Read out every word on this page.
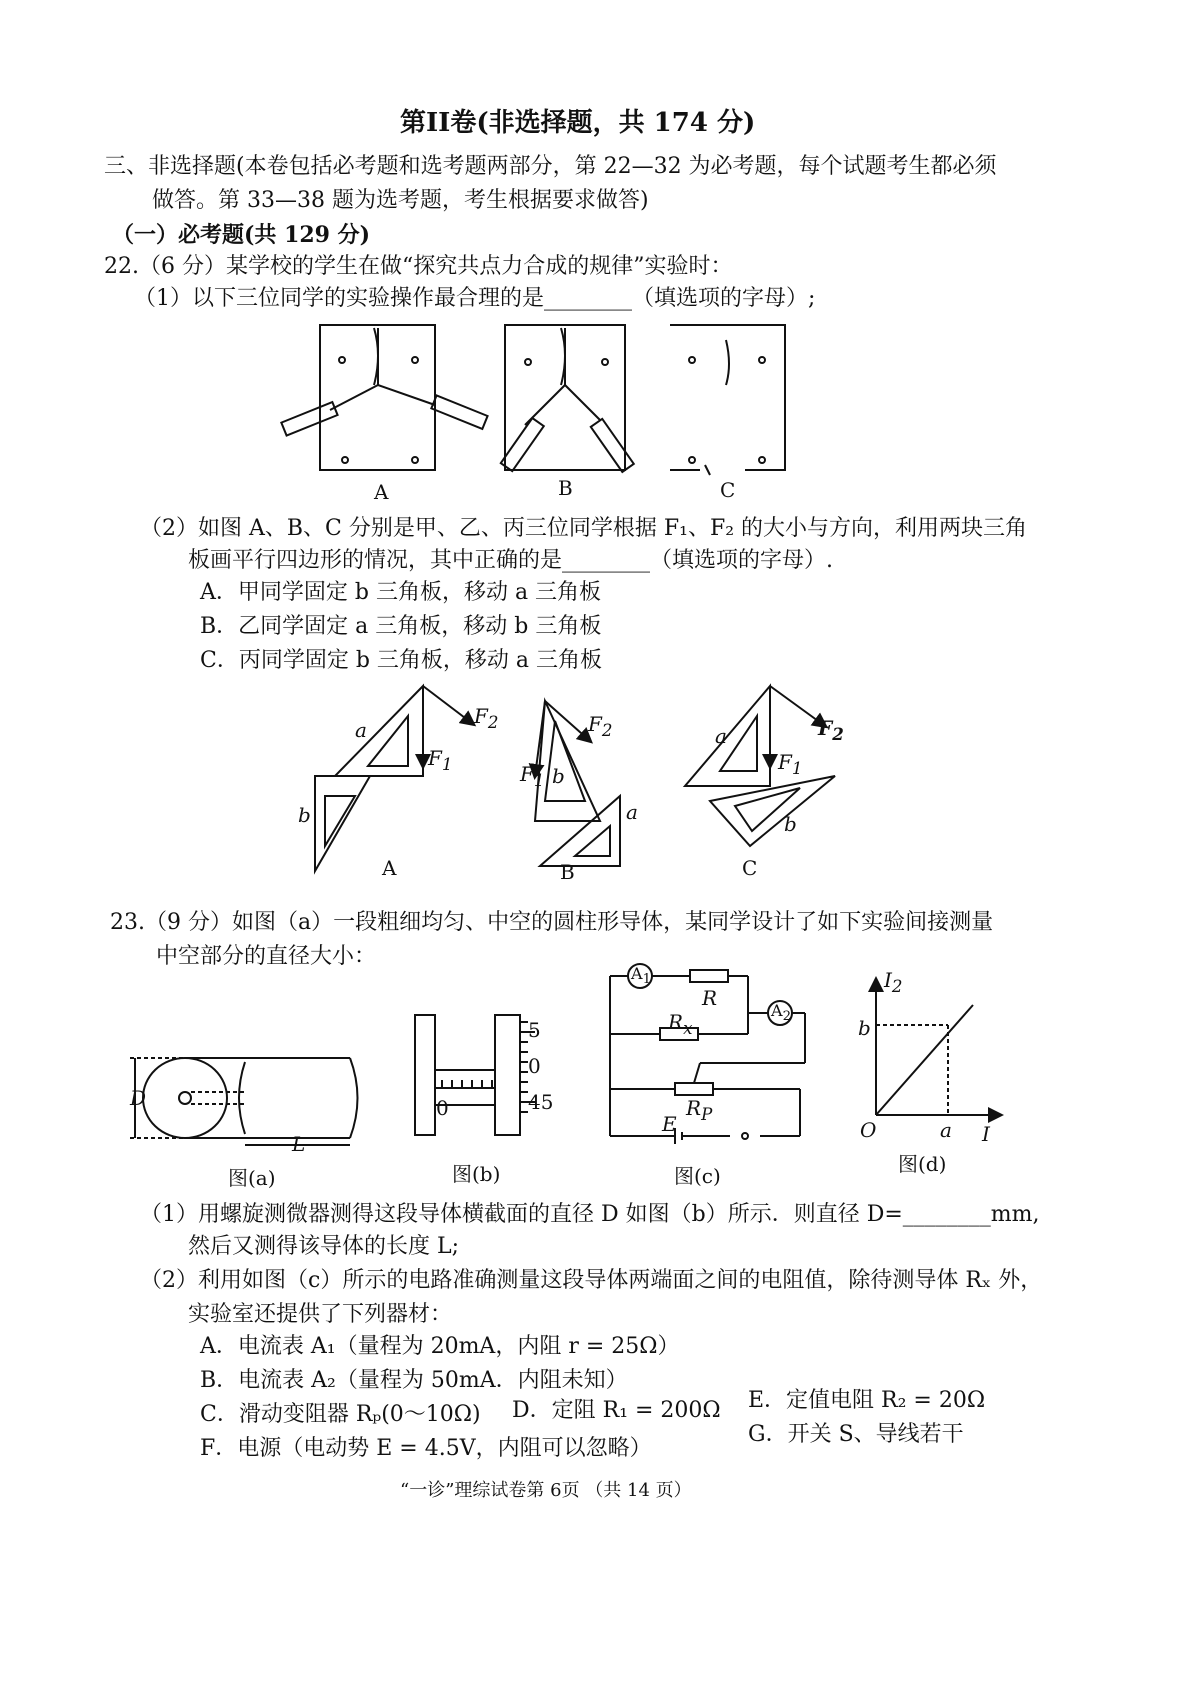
第II卷(非选择题，共 174 分)
三、非选择题(本卷包括必考题和选考题两部分，第 22—32 为必考题，每个试题考生都必须
做答。第 33—38 题为选考题，考生根据要求做答)
（一）必考题(共 129 分)
22.（6 分）某学校的学生在做“探究共点力合成的规律”实验时：
（1）以下三位同学的实验操作最合理的是________（填选项的字母）;
A	B	C
（2）如图 A、B、C 分别是甲、乙、丙三位同学根据 F₁、F₂ 的大小与方向，利用两块三角
板画平行四边形的情况，其中正确的是________（填选项的字母）.
A．甲同学固定 b 三角板，移动 a 三角板
B．乙同学固定 a 三角板，移动 b 三角板
C．丙同学固定 b 三角板，移动 a 三角板
a
b
$F_2$
$F_1$
$F_2$
$F_1$ b
a
a	$F_2$
$F_1$
b
A	B	C
23.（9 分）如图（a）一段粗细均匀、中空的圆柱形导体，某同学设计了如下实验间接测量
中空部分的直径大小：
D
L
图(a)
5
0
45
0
图(b)
$A_1$
$A_2$
R
$R_x$
$R_P$
E
图(c)
$I_2$
I
O
b
a
图(d)
（1）用螺旋测微器测得这段导体横截面的直径 D 如图（b）所示．则直径 D=________mm,
然后又测得该导体的长度 L;
（2）利用如图（c）所示的电路准确测量这段导体两端面之间的电阻值，除待测导体 Rₓ 外，
实验室还提供了下列器材：
A．电流表 A₁（量程为 20mA，内阻 r = 25Ω）
B．电流表 A₂（量程为 50mA．内阻未知）
C．滑动变阻器 Rₚ(0～10Ω) D．定阻 R₁ = 200Ω E．定值电阻 R₂ = 20Ω
F．电源（电动势 E = 4.5V，内阻可以忽略）
G．开关 S、导线若干
“一诊”理综试卷第 6页 （共 14 页）
